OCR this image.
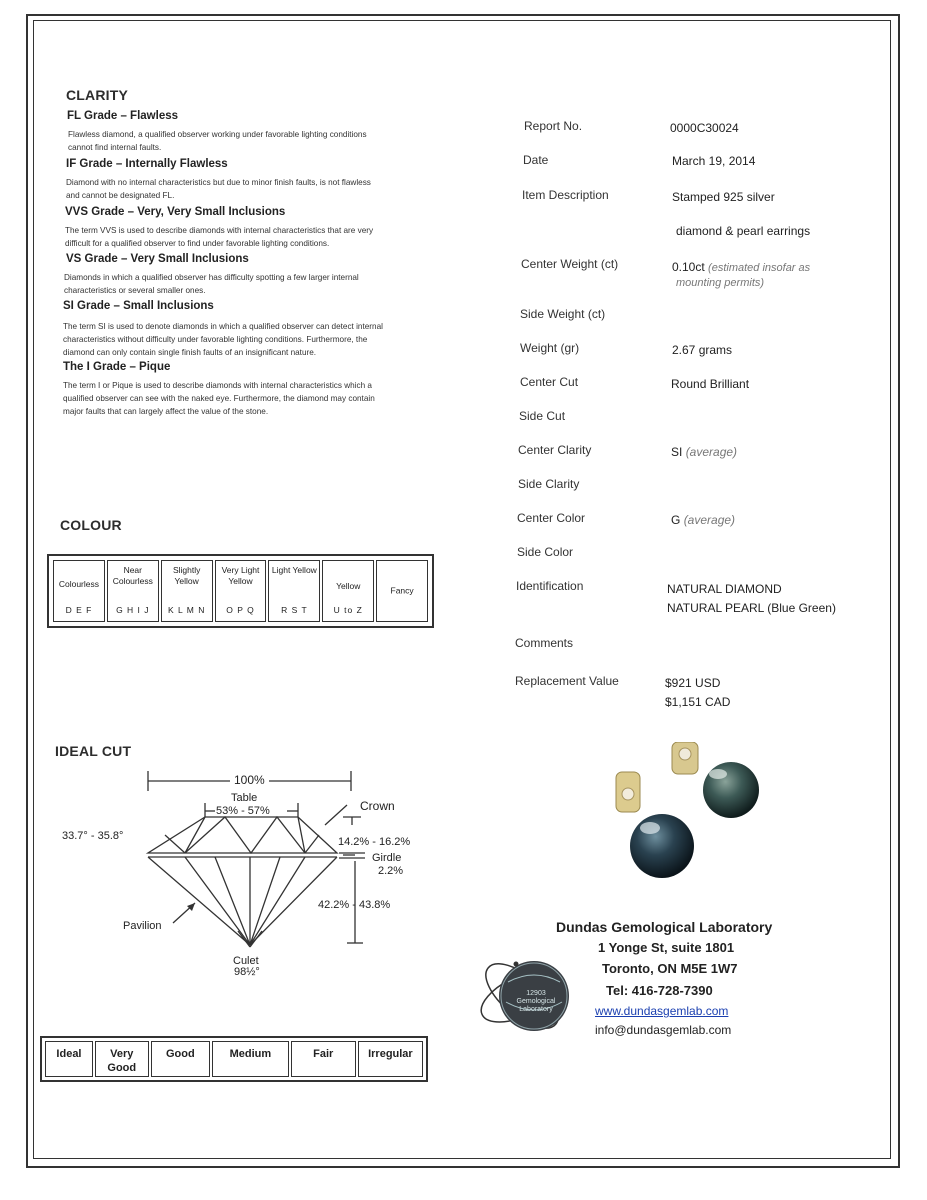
CLARITY
FL Grade – Flawless
Flawless diamond, a qualified observer working under favorable lighting conditions
cannot find internal faults.
IF Grade – Internally Flawless
Diamond with no internal characteristics but due to minor finish faults, is not flawless
and cannot be designated FL.
VVS Grade – Very, Very Small Inclusions
The term VVS is used to describe diamonds with internal characteristics that are very
difficult for a qualified observer to find under favorable lighting conditions.
VS Grade – Very Small Inclusions
Diamonds in which a qualified observer has difficulty spotting a few larger internal
characteristics or several smaller ones.
SI Grade – Small Inclusions
The term SI is used to denote diamonds in which a qualified observer can detect internal
characteristics without difficulty under favorable lighting conditions. Furthermore, the
diamond can only contain single finish faults of an insignificant nature.
The I Grade – Pique
The term I or Pique is used to describe diamonds with internal characteristics which a
qualified observer can see with the naked eye. Furthermore, the diamond may contain
major faults that can largely affect the value of the stone.
COLOUR
Colourless
D E F
Near Colourless
G H I J
Slightly Yellow
K L M N
Very Light Yellow
O P Q
Light Yellow
R S T
Yellow
U to Z
Fancy
IDEAL CUT
100%
Table
53% - 57%	Crown
33.7° - 35.8°	14.2% - 16.2%
Girdle
2.2%
42.2% - 43.8%
Pavilion
Culet
98½°
Ideal	Very Good
Good	Medium	Fair	Irregular
Report No.	0000C30024
Date	March 19, 2014
Item Description	Stamped 925 silver
diamond & pearl earrings
Center Weight (ct)	0.10ct (estimated insofar as
mounting permits)
Side Weight (ct)
Weight (gr)	2.67 grams
Center Cut	Round Brilliant
Side Cut
Center Clarity	SI (average)
Side Clarity
Center Color	G (average)
Side Color
Identification	NATURAL DIAMOND
NATURAL PEARL (Blue Green)
Comments
Replacement Value	$921 USD
$1,151 CAD
12903 Gemological Laboratory
Dundas Gemological Laboratory
1 Yonge St, suite 1801
Toronto, ON M5E 1W7
Tel: 416-728-7390
www.dundasgemlab.com
info@dundasgemlab.com
